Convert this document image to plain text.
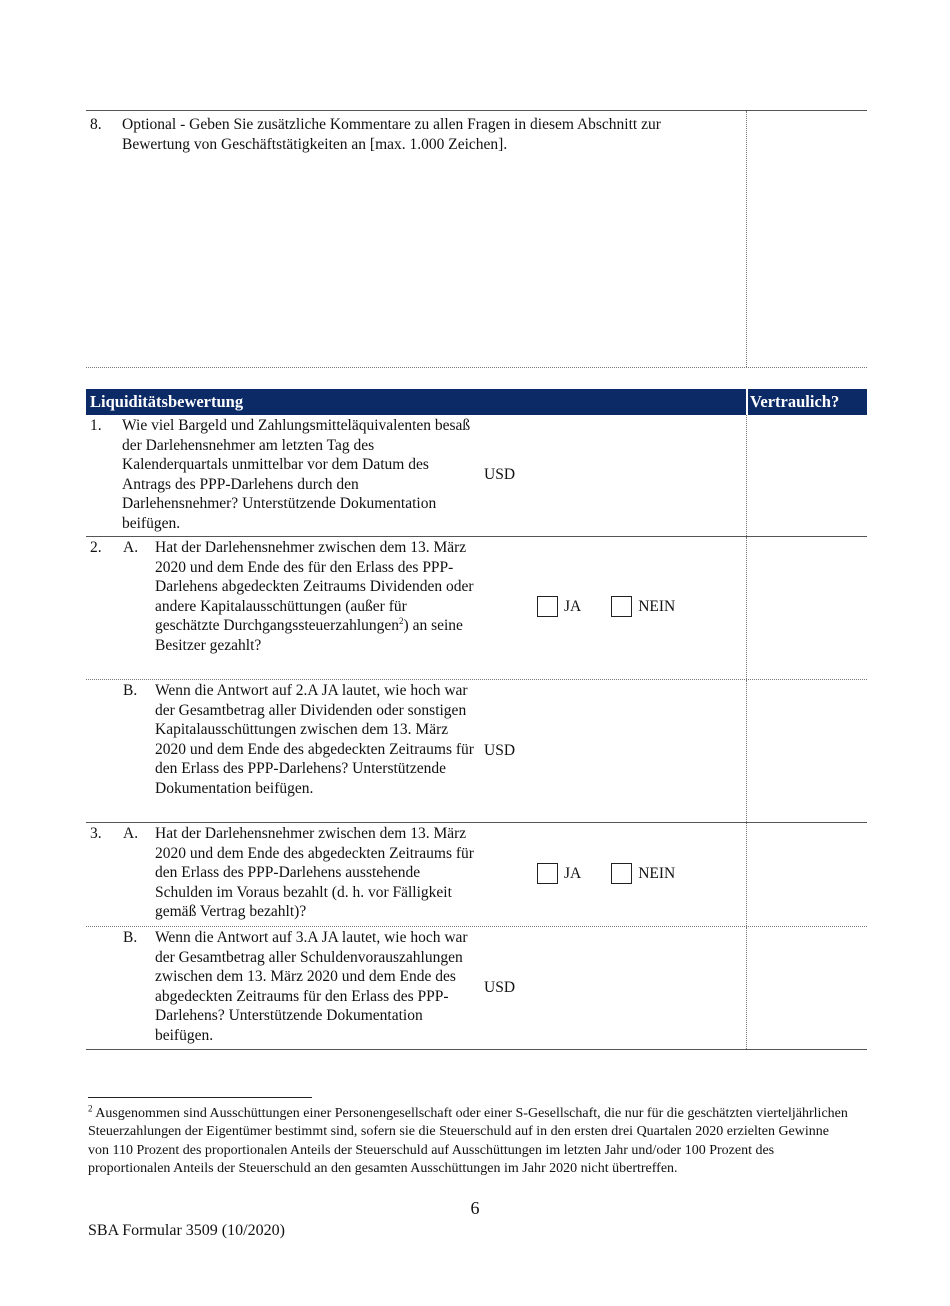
8. Optional - Geben Sie zusätzliche Kommentare zu allen Fragen in diesem Abschnitt zur Bewertung von Geschäftstätigkeiten an [max. 1.000 Zeichen].
Liquiditätsbewertung	Vertraulich?
1. Wie viel Bargeld und Zahlungsmitteläquivalenten besaß der Darlehensnehmer am letzten Tag des Kalenderquartals unmittelbar vor dem Datum des Antrags des PPP-Darlehens durch den Darlehensnehmer? Unterstützende Dokumentation beifügen.
USD
2. A. Hat der Darlehensnehmer zwischen dem 13. März 2020 und dem Ende des für den Erlass des PPP-Darlehens abgedeckten Zeitraums Dividenden oder andere Kapitalausschüttungen (außer für geschätzte Durchgangssteuerzahlungen$^2$) an seine Besitzer gezahlt?
JA	NEIN
B. Wenn die Antwort auf 2.A JA lautet, wie hoch war der Gesamtbetrag aller Dividenden oder sonstigen Kapitalausschüttungen zwischen dem 13. März 2020 und dem Ende des abgedeckten Zeitraums für den Erlass des PPP-Darlehens? Unterstützende Dokumentation beifügen.
USD
3. A. Hat der Darlehensnehmer zwischen dem 13. März 2020 und dem Ende des abgedeckten Zeitraums für den Erlass des PPP-Darlehens ausstehende Schulden im Voraus bezahlt (d. h. vor Fälligkeit gemäß Vertrag bezahlt)?
JA	NEIN
B. Wenn die Antwort auf 3.A JA lautet, wie hoch war der Gesamtbetrag aller Schuldenvorauszahlungen zwischen dem 13. März 2020 und dem Ende des abgedeckten Zeitraums für den Erlass des PPP-Darlehens? Unterstützende Dokumentation beifügen.
USD
$^2$ Ausgenommen sind Ausschüttungen einer Personengesellschaft oder einer S-Gesellschaft, die nur für die geschätzten vierteljährlichen Steuerzahlungen der Eigentümer bestimmt sind, sofern sie die Steuerschuld auf in den ersten drei Quartalen 2020 erzielten Gewinne von 110 Prozent des proportionalen Anteils der Steuerschuld auf Ausschüttungen im letzten Jahr und/oder 100 Prozent des proportionalen Anteils der Steuerschuld an den gesamten Ausschüttungen im Jahr 2020 nicht übertreffen.
6
SBA Formular 3509 (10/2020)
